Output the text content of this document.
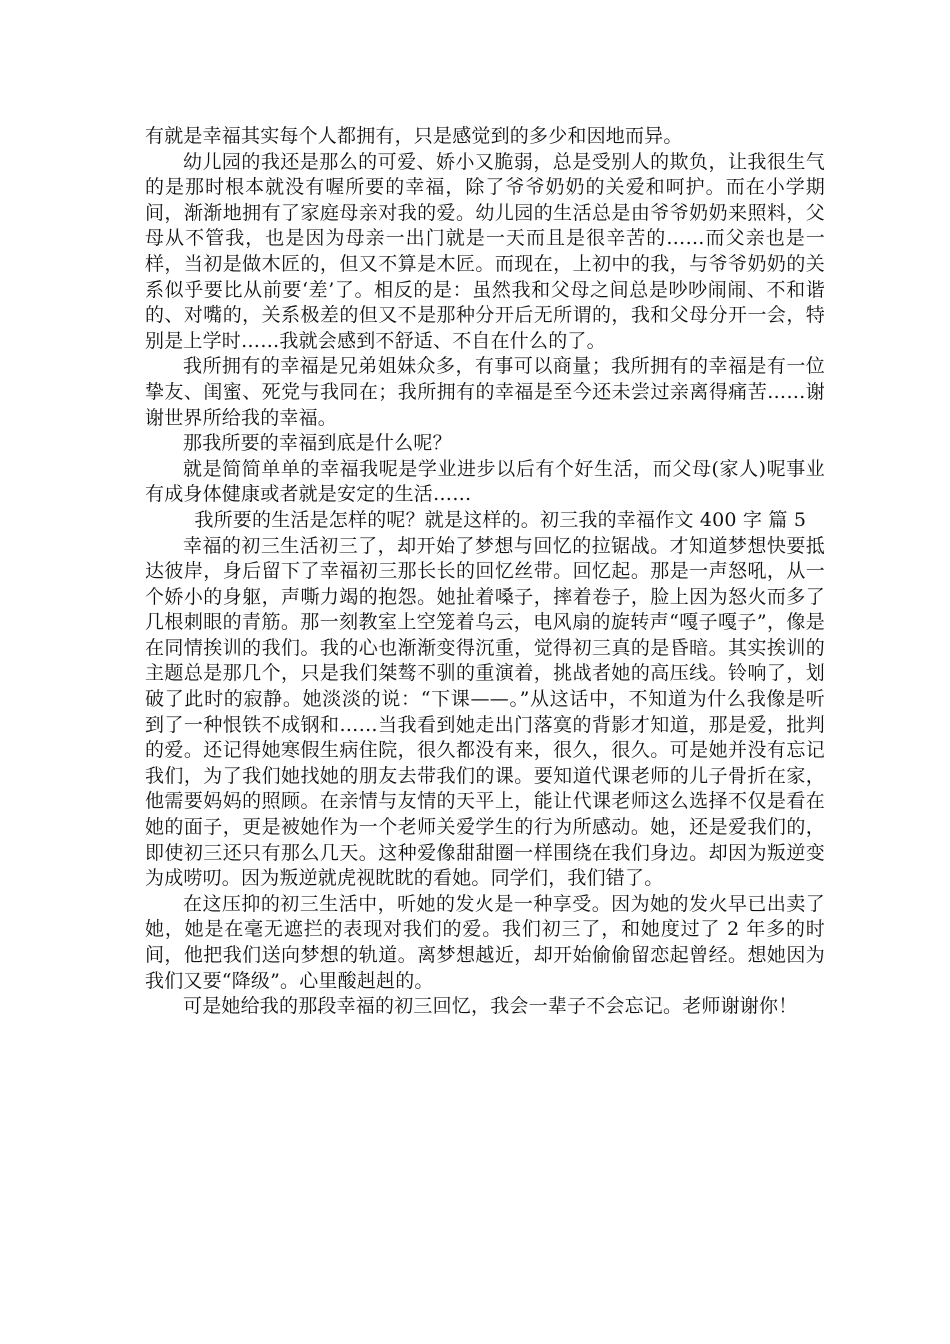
有就是幸福其实每个人都拥有，只是感觉到的多少和因地而异。

幼儿园的我还是那么的可爱、娇小又脆弱，总是受别人的欺负，让我很生气的是那时根本就没有喔所要的幸福，除了爷爷奶奶的关爱和呵护。而在小学期间，渐渐地拥有了家庭母亲对我的爱。幼儿园的生活总是由爷爷奶奶来照料，父母从不管我，也是因为母亲一出门就是一天而且是很辛苦的……而父亲也是一样，当初是做木匠的，但又不算是木匠。而现在，上初中的我，与爷爷奶奶的关系似乎要比从前要‘差’了。相反的是：虽然我和父母之间总是吵吵闹闹、不和谐的、对嘴的，关系极差的但又不是那种分开后无所谓的，我和父母分开一会，特别是上学时……我就会感到不舒适、不自在什么的了。

我所拥有的幸福是兄弟姐妹众多，有事可以商量；我所拥有的幸福是有一位挚友、闺蜜、死党与我同在；我所拥有的幸福是至今还未尝过亲离得痛苦……谢谢世界所给我的幸福。

那我所要的幸福到底是什么呢？

就是简简单单的幸福我呢是学业进步以后有个好生活，而父母(家人)呢事业有成身体健康或者就是安定的生活……

我所要的生活是怎样的呢？就是这样的。初三我的幸福作文 400 字 篇 5

幸福的初三生活初三了，却开始了梦想与回忆的拉锯战。才知道梦想快要抵达彼岸，身后留下了幸福初三那长长的回忆丝带。回忆起。那是一声怒吼，从一个娇小的身躯，声嘶力竭的抱怨。她扯着嗓子，摔着卷子，脸上因为怒火而多了几根刺眼的青筋。那一刻教室上空笼着乌云，电风扇的旋转声“嘎子嘎子”，像是在同情挨训的我们。我的心也渐渐变得沉重，觉得初三真的是昏暗。其实挨训的主题总是那几个，只是我们桀骜不驯的重演着，挑战者她的高压线。铃响了，划破了此时的寂静。她淡淡的说：“下课——。”从这话中，不知道为什么我像是听到了一种恨铁不成钢和……当我看到她走出门落寞的背影才知道，那是爱，批判的爱。还记得她寒假生病住院，很久都没有来，很久，很久。可是她并没有忘记我们，为了我们她找她的朋友去带我们的课。要知道代课老师的儿子骨折在家，他需要妈妈的照顾。在亲情与友情的天平上，能让代课老师这么选择不仅是看在她的面子，更是被她作为一个老师关爱学生的行为所感动。她，还是爱我们的，即使初三还只有那么几天。这种爱像甜甜圈一样围绕在我们身边。却因为叛逆变为成唠叨。因为叛逆就虎视眈眈的看她。同学们，我们错了。

在这压抑的初三生活中，听她的发火是一种享受。因为她的发火早已出卖了她，她是在毫无遮拦的表现对我们的爱。我们初三了，和她度过了 2 年多的时间，他把我们送向梦想的轨道。离梦想越近，却开始偷偷留恋起曾经。想她因为我们又要“降级”。心里酸赳赳的。

可是她给我的那段幸福的初三回忆，我会一辈子不会忘记。老师谢谢你！
